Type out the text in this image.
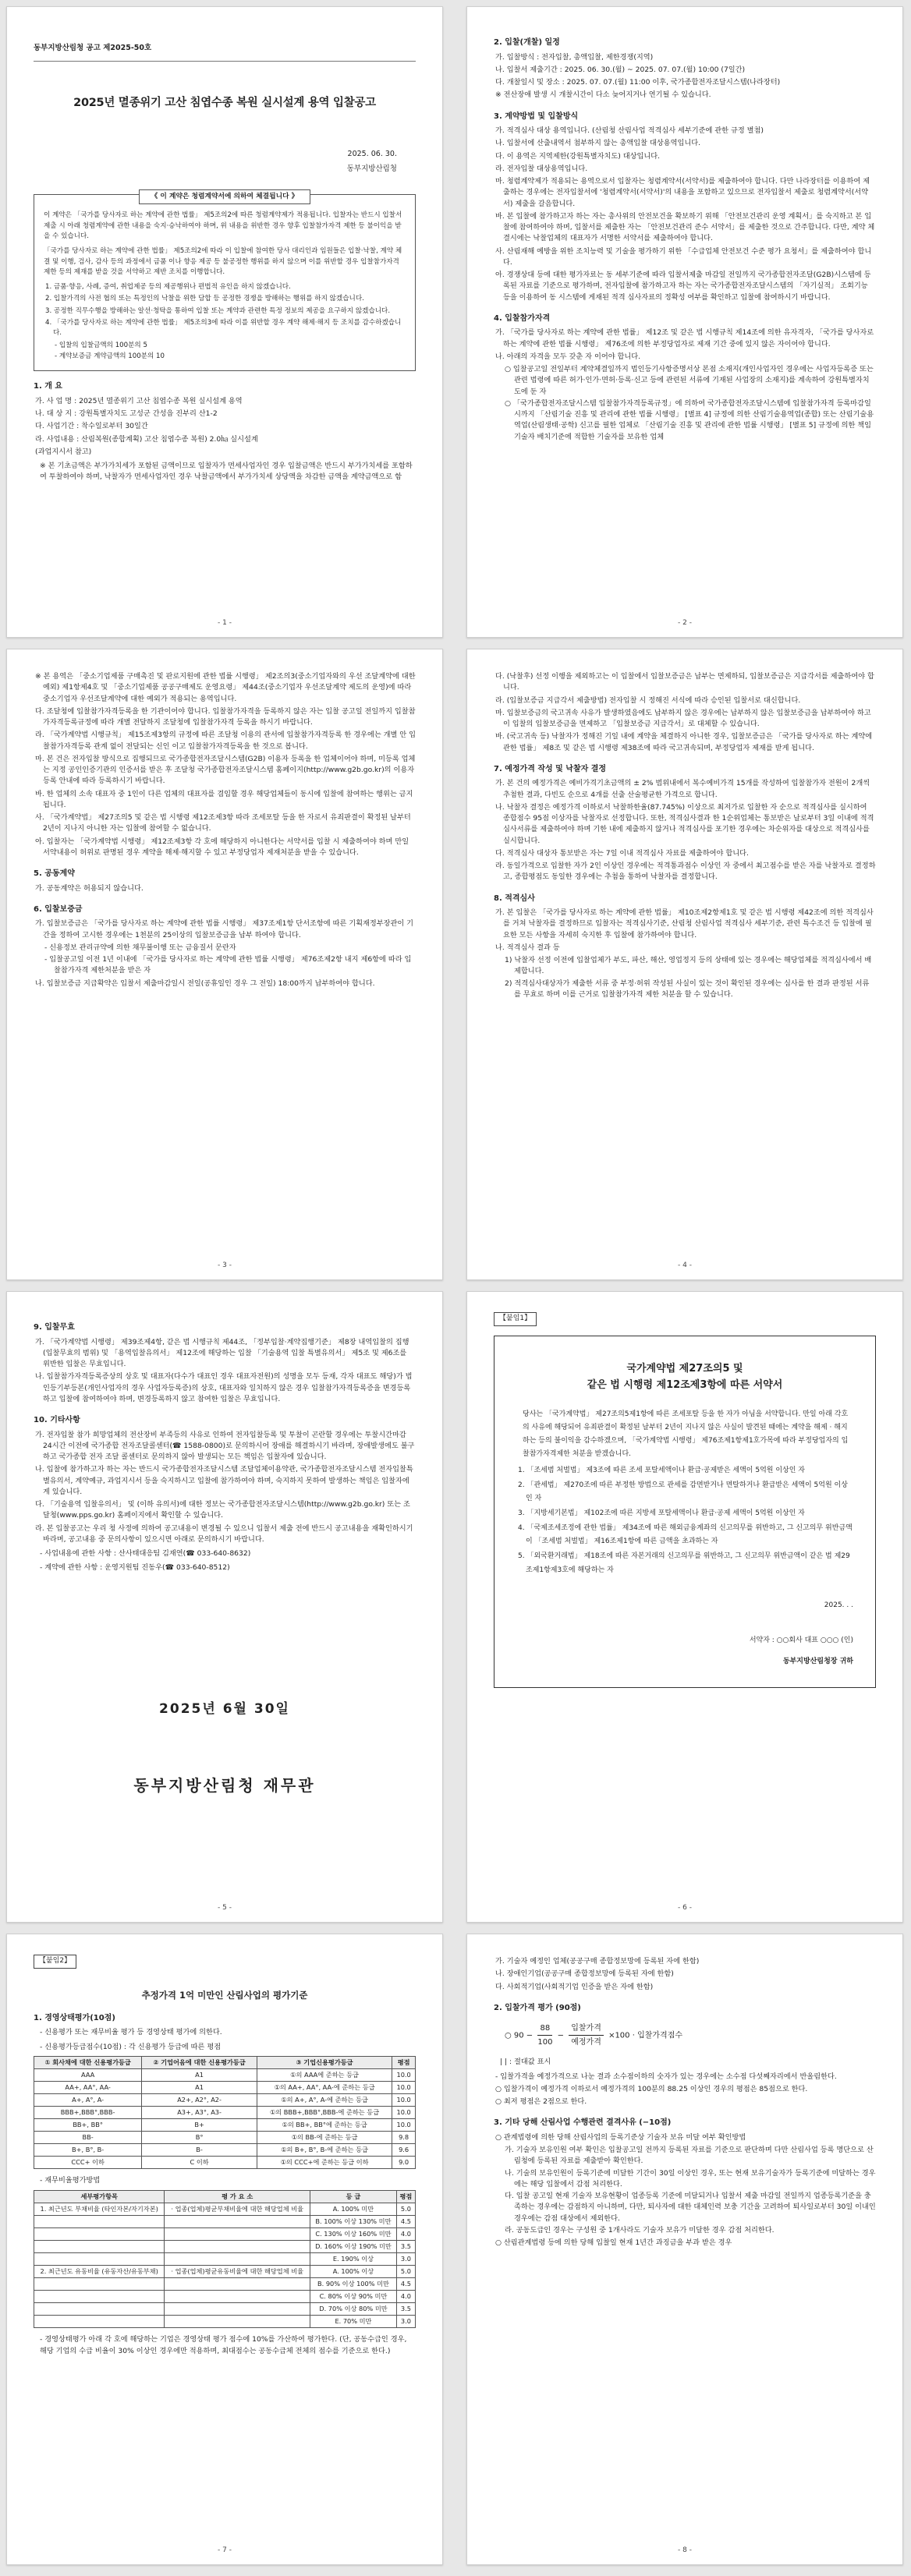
동부지방산림청 공고 제2025-50호
2025년 멸종위기 고산 침엽수종 복원 실시설계 용역 입찰공고
2025. 06. 30.
동부지방산림청
《 이 계약은 청렴계약서에 의하여 체결됩니다 》

이 계약은 「국가를 당사자로 하는 계약에 관한 법률」 제5조의2에 따른 청렴계약제가 적용됩니다. 입찰자는 반드시 입찰서 제출 시 아래 청렴계약에 관한 내용을 숙지·승낙하여야 하며, 위 내용을 위반한 경우 향후 입찰참가자격 제한 등 불이익을 받을 수 있습니다.

「국가를 당사자로 하는 계약에 관한 법률」 제5조의2에 따라 이 입찰에 참여한 당사 대리인과 임원들은 입찰·낙찰, 계약 체결 및 이행, 검사, 감사 등의 과정에서 금품 이나 향응 제공 등 불공정한 행위를 하지 않으며 이를 위반할 경우 입찰참가자격 제한 등의 제재를 받을 것을 서약하고 제반 조치를 이행합니다.

1. 금품·향응, 사례, 증여, 취업제공 등의 제공행위나 편법적 유인을 하지 않겠습니다.
2. 입찰가격의 사전 협의 또는 특정인의 낙찰을 위한 담합 등 공정한 경쟁을 방해하는 행위를 하지 않겠습니다.
3. 공정한 직무수행을 방해하는 알선·청탁을 통하여 입찰 또는 계약과 관련한 특정 정보의 제공을 요구하지 않겠습니다.
4. 「국가를 당사자로 하는 계약에 관한 법률」 제5조의3에 따라 이를 위반할 경우 계약 해제·해지 등 조치를 감수하겠습니다.
- 입찰의 입찰금액의 100분의 5
- 계약보증금 계약금액의 100분의 10
1. 개 요
가. 사 업 명 : 2025년 멸종위기 고산 침엽수종 복원 실시설계 용역
나. 대 상 지 : 강원특별자치도 고성군 간성읍 진부리 산1-2
다. 사업기간 : 착수일로부터 30일간
라. 사업내용 : 산림복원(종합계획) 고산 침엽수종 복원) 2.0㏊ 실시설계
(과업지시서 참고)
※ 본 기초금액은 부가가치세가 포함된 금액이므로 입찰자가 면세사업자인 경우 입찰금액은 반드시 부가가치세를 포함하여 투찰하여야 하며, 낙찰자가 면세사업자인 경우 낙찰금액에서 부가가치세 상당액을 차감한 금액을 계약금액으로 함
- 1 -
2. 입찰(개찰) 일정
가. 입찰방식 : 전자입찰, 총액입찰, 제한경쟁(지역)
나. 입찰서 제출기간 : 2025. 06. 30.(월) ~ 2025. 07. 07.(월) 10:00 (7일간)
다. 개찰일시 및 장소 : 2025. 07. 07.(월) 11:00 이후, 국가종합전자조달시스템(나라장터)
※ 전산장애 발생 시 개찰시간이 다소 늦어지거나 연기될 수 있습니다.
3. 계약방법 및 입찰방식
가. 적격심사 대상 용역입니다. (산림청 산림사업 적격심사 세부기준에 관한 규정 별첨)
나. 입찰서에 산출내역서 첨부하지 않는 총액입찰 대상용역입니다.
다. 이 용역은 지역제한(강원특별자치도) 대상입니다.
라. 전자입찰 대상용역입니다.
마. 청렴계약제가 적용되는 용역으로서 입찰자는 청렴계약서(서약서)를 제출하여야 합니다. 다만 나라장터를 이용하여 제출하는 경우에는 전자입찰서에 '청렴계약서(서약서)'의 내용을 포함하고 있으므로 전자입찰서 제출로 청렴계약서(서약서) 제출을 갈음합니다.
바. 본 입찰에 참가하고자 하는 자는 총사위의 안전보건을 확보하기 위해 「안전보건관리 운영 계획서」를 숙지하고 본 입찰에 참여하여야 하며, 입찰서를 제출한 자는 「안전보건관리 준수 서약서」를 제출한 것으로 간주합니다. 다만, 계약 체결시에는 낙찰업체의 대표자가 서명한 서약서를 제출하여야 합니다.
사. 산림재해 예방을 위한 조치능력 및 기술을 평가하기 위한 「수급업체 안전보건 수준 평가 요청서」를 제출하여야 합니다.
아. 경쟁상대 등에 대한 평가자료는 동 세부기준에 따라 입찰서제출 마감일 전일까지 국가종합전자조달(G2B)시스템에 등록된 자료를 기준으로 평가하며, 전자입찰에 참가하고자 하는 자는 국가종합전자조달시스템의 「자기실적」 조회기능 등을 이용하여 동 시스템에 게재된 적격 심사자료의 정확성 여부를 확인하고 입찰에 참여하시기 바랍니다.
4. 입찰참가자격
가. 「국가를 당사자로 하는 계약에 관한 법률」 제12조 및 같은 법 시행규칙 제14조에 의한 유자격자, 「국가를 당사자로 하는 계약에 관한 법률 시행령」 제76조에 의한 부정당업자로 제재 기간 중에 있지 않은 자이어야 합니다.
나. 아래의 자격을 모두 갖춘 자 이어야 합니다.
○ 입찰공고일 전일부터 계약체결일까지 법인등기사항증명서상 본점 소재지(개인사업자인 경우에는 사업자등록증 또는 관련 법령에 따른 허가·인가·면허·등록·신고 등에 관련된 서류에 기재된 사업장의 소재지)를 계속하여 강원특별자치도에 둔 자
○ 「국가종합전자조달시스템 입찰참가자격등록규정」에 의하여 국가종합전자조달시스템에 입찰참가자격 등록마감일시까지 「산림기술 진흥 및 관리에 관한 법률 시행령」 [별표 4] 규정에 의한 산림기술용역업(종합) 또는 산림기술용역업(산림생태·공학) 신고를 필한 업체로 「산림기술 진흥 및 관리에 관한 법률 시행령」 [별표 5] 규정에 의한 책임기술자 배치기준에 적합한 기술자를 보유한 업체
- 2 -
※ 본 용역은 「중소기업제품 구매촉진 및 판로지원에 관한 법률 시행령」 제2조의3(중소기업자와의 우선 조달계약에 대한 예외) 제1항제4호 및 「중소기업제품 공공구매제도 운영요령」 제44조(중소기업자 우선조달계약 제도의 운영)에 따라 중소기업자 우선조달계약에 대한 예외가 적용되는 용역입니다.
다. 조달청에 입찰참가자격등록을 한 기관이어야 합니다. 입찰참가자격을 등록하지 않은 자는 입찰 공고일 전일까지 입찰참가자격등록규정에 따라 개별 전달하지 조달청에 입찰참가자격 등록을 하시기 바랍니다.
라. 「국가계약법 시행규칙」 제15조제3항의 규정에 따른 조달청 이용의 관서에 입찰참가자격등록 한 경우에는 개별 안 입찰참가자격등록 관계 없이 전달되는 신인 이고 입찰참가자격등록을 한 것으로 봅니다.
마. 본 건은 전자입찰 방식으로 집행되므로 국가종합전자조달시스템(G2B) 이용자 등록을 한 업체이어야 하며, 미등록 업체는 지정 공인인증기관의 인증서를 받은 후 조달청 국가종합전자조달시스템 홈페이지(http://www.g2b.go.kr)의 이용자등록 안내에 따라 등록하시기 바랍니다.
바. 한 업체의 소속 대표자 중 1인이 다른 업체의 대표자를 겸임할 경우 해당업체들이 동시에 입찰에 참여하는 행위는 금지됩니다.
사. 「국가계약법」 제27조의5 및 같은 법 시행령 제12조제3항 따라 조세포탈 등을 한 자로서 유죄판결이 확정된 날부터 2년이 지나지 아니한 자는 입찰에 참여할 수 없습니다.
아. 입찰자는 「국가계약법 시행령」 제12조제3항 각 호에 해당하지 아니한다는 서약서를 입찰 시 제출하여야 하며 만일 서약내용이 허위로 판명된 경우 계약을 해제·해지할 수 있고 부정당업자 제재처분을 받을 수 있습니다.
5. 공동계약
가. 공동계약은 허용되지 않습니다.
6. 입찰보증금
가. 입찰보증금은 「국가를 당사자로 하는 계약에 관한 법률 시행령」 제37조제1항 단서조항에 따른 기획재정부장관이 기간을 정하여 고시한 경우에는 1천분의 25이상의 입찰보증금을 납부 하여야 합니다.
- 신용정보 관리규약에 의한 채무불이행 또는 금융질서 문란자
- 입찰공고일 이전 1년 이내에 「국가를 당사자로 하는 계약에 관한 법률 시행령」 제76조제2항 내지 제6항에 따라 입찰참가자격 제한처분을 받은 자
나. 입찰보증금 지급확약은 입찰서 제출마감일시 전일(공휴일인 경우 그 전일) 18:00까지 납부하여야 합니다.
- 3 -
다. (낙찰후) 선정 이행을 제외하고는 이 입찰에서 입찰보증금은 납부는 면제하되, 입찰보증금은 지급각서를 제출하여야 합니다.
라. (입찰보증금 지급각서 제출방법) 전자입찰 시 정해진 서식에 따라 승인된 입찰서로 대신합니다.
마. 입찰보증금의 국고귀속 사유가 발생하였음에도 납부하지 않은 경우에는 납부하지 않은 입찰보증금을 납부하여야 하고 이 입찰의 입찰보증금을 면제하고 「입찰보증금 지급각서」로 대체할 수 있습니다.
바. (국고귀속 등) 낙찰자가 정해진 기일 내에 계약을 체결하지 아니한 경우, 입찰보증금은 「국가를 당사자로 하는 계약에 관한 법률」 제8조 및 같은 법 시행령 제38조에 따라 국고귀속되며, 부정당업자 제재를 받게 됩니다.
7. 예정가격 작성 및 낙찰자 결정
가. 본 건의 예정가격은 예비가격기초금액의 ± 2% 범위내에서 복수예비가격 15개를 작성하여 입찰참가자 전원이 2개씩 추첨한 결과, 다빈도 순으로 4개를 선출 산술평균한 가격으로 합니다.
나. 낙찰자 결정은 예정가격 이하로서 낙찰하한율(87.745%) 이상으로 최저가로 입찰한 자 순으로 적격심사를 실시하여 종합점수 95점 이상자를 낙찰자로 선정합니다. 또한, 적격심사결과 한 1순위업체는 통보받은 날로부터 3일 이내에 적격심사서류를 제출하여야 하며 기한 내에 제출하지 않거나 적격심사를 포기한 경우에는 차순위자를 대상으로 적격심사를 실시합니다.
다. 적격심사 대상자 통보받은 자는 7일 이내 적격심사 자료를 제출하여야 합니다.
라. 동일가격으로 입찰한 자가 2인 이상인 경우에는 적격통과점수 이상인 자 중에서 최고점수를 받은 자를 낙찰자로 결정하고, 종합평점도 동일한 경우에는 추첨을 통하여 낙찰자를 결정합니다.
8. 적격심사
가. 본 입찰은 「국가를 당사자로 하는 계약에 관한 법률」 제10조제2항제1호 및 같은 법 시행령 제42조에 의한 적격심사를 거쳐 낙찰자를 결정하므로 입찰자는 적격심사기준, 산림청 산림사업 적격심사 세부기준, 관련 특수조건 등 입찰에 필요한 모든 사항을 자세히 숙지한 후 입찰에 참가하여야 합니다.
나. 적격심사 결과 등
1) 낙찰자 선정 이전에 입찰업체가 부도, 파산, 해산, 영업정지 등의 상태에 있는 경우에는 해당업체를 적격심사에서 배제합니다.
2) 적격심사대상자가 제출한 서류 중 부정·허위 작성된 사실이 있는 것이 확인된 경우에는 심사를 한 결과 판정된 서류를 무효로 하며 이를 근거로 입찰참가자격 제한 처분을 할 수 있습니다.
- 4 -
9. 입찰무효
가. 「국가계약법 시행령」 제39조제4항, 같은 법 시행규칙 제44조, 「정부입찰·계약집행기준」 제8장 내역입찰의 집행(입찰무효의 범위) 및 「용역입찰유의서」 제12조에 해당하는 입찰 「기술용역 입찰 특별유의서」 제5조 및 제6조를 위반한 입찰은 무효입니다.
나. 입찰참가자격등록증상의 상호 및 대표자(다수가 대표인 경우 대표자전원)의 성명을 모두 등재, 각자 대표도 해당)가 법인등기부등본(개인사업자의 경우 사업자등록증)의 상호, 대표자와 일치하지 않은 경우 입찰참가자격등록증을 변경등록하고 입찰에 참여하여야 하며, 변경등록하지 않고 참여한 입찰은 무효입니다.
10. 기타사항
가. 전자입찰 참가 희망업체의 전산장비 부족등의 사유로 인하여 전자입찰등록 및 투찰이 곤란할 경우에는 투찰시간마감 24시간 이전에 국가종합 전자조달콜센터(☎ 1588-0800)로 문의하시어 장애를 해결하시기 바라며, 장애발생에도 불구하고 국가종합 전자 조달 콜센터로 문의하지 않아 발생되는 모든 책임은 입찰자에 있습니다.
나. 입찰에 참가하고자 하는 자는 반드시 국가종합전자조달시스템 조달업체이용약관, 국가종합전자조달시스템 전자입찰특별유의서, 계약예규, 과업지시서 등을 숙지하시고 입찰에 참가하여야 하며, 숙지하지 못하여 발생하는 책임은 입찰자에게 있습니다.
다. 「기술용역 입찰유의서」 및 (이하 유의서)에 대한 정보는 국가종합전자조달시스템(http://www.g2b.go.kr) 또는 조달청(www.pps.go.kr) 홈페이지에서 확인할 수 있습니다.
라. 본 입찰공고는 우리 청 사정에 의하여 공고내용이 변경될 수 있으니 입찰서 제출 전에 반드시 공고내용을 재확인하시기 바라며, 공고내용 중 문의사항이 있으시면 아래로 문의하시기 바랍니다.
- 사업내용에 관한 사항 : 산사태대응팀 김재연(☎ 033-640-8632)
- 계약에 관한 사항 : 운영지원팀 진동우(☎ 033-640-8512)
2025년 6월 30일
동부지방산림청 재무관
- 5 -
【붙임1】
국가계약법 제27조의5 및
같은 법 시행령 제12조제3항에 따른 서약서
당사는 「국가계약법」 제27조의5제1항에 따른 조세포탈 등을 한 자가 아님을 서약합니다. 만일 아래 각호의 사유에 해당되어 유죄판결이 확정된 날부터 2년이 지나지 않은 사실이 발견된 때에는 계약을 해제 · 해지하는 등의 불이익을 감수하겠으며, 「국가계약법 시행령」 제76조제1항제1호가목에 따라 부정당업자의 입찰참가자격제한 처분을 받겠습니다.
1. 「조세범 처벌법」 제3조에 따른 조세 포탈세액이나 환급·공제받은 세액이 5억원 이상인 자
2. 「관세법」 제270조에 따른 부정한 방법으로 관세를 감면받거나 면탈하거나 환급받은 세액이 5억원 이상인 자
3. 「지방세기본법」 제102조에 따른 지방세 포탈세액이나 환급·공제 세액이 5억원 이상인 자
4. 「국제조세조정에 관한 법률」 제34조에 따른 해외금융계좌의 신고의무를 위반하고, 그 신고의무 위반금액이 「조세범 처벌법」 제16조제1항에 따른 금액을 초과하는 자
5. 「외국환거래법」 제18조에 따른 자본거래의 신고의무를 위반하고, 그 신고의무 위반금액이 같은 법 제29조제1항제3호에 해당하는 자
2025. . .
서약자 : ○○회사 대표 ○○○ (인)
동부지방산림청장 귀하
- 6 -
【붙임2】
추정가격 1억 미만인 산림사업의 평가기준
1. 경영상태평가(10점)
- 신용평가 또는 재무비율 평가 등 경영상태 평가에 의한다.
- 신용평가등급점수(10점) : 각 신용평가 등급에 따른 평점
① 회사채에 대한 신용평가등급	② 기업어음에 대한 신용평가등급	③ 기업신용평가등급	평점
AAA	A1	①의 AAA에 준하는 등급	10.0
AA+, AA°, AA-	A1	①의 AA+, AA°, AA-에 준하는 등급	10.0
A+, A°, A-	A2+, A2°, A2-	①의 A+, A°, A-에 준하는 등급	10.0
BBB+,BBB°,BBB-	A3+, A3°, A3-	①의 BBB+,BBB°,BBB-에 준하는 등급	10.0
BB+, BB°	B+	①의 BB+, BB°에 준하는 등급	10.0
BB-	B°	①의 BB-에 준하는 등급	9.8
B+, B°, B-	B-	①의 B+, B°, B-에 준하는 등급	9.6
CCC+ 이하	C 이하	①의 CCC+에 준하는 등급 이하	9.0
- 재무비율평가방법
세부평가항목	평 가 요 소	등 급	평점
1. 최근년도 부채비율 (타인자본/자기자본)	· 업종(업체)평균부채비율에 대한 해당업체 비율	A. 100% 미만	5.0
		B. 100% 이상 130% 미만	4.5
		C. 130% 이상 160% 미만	4.0
		D. 160% 이상 190% 미만	3.5
		E. 190% 이상	3.0
2. 최근년도 유동비율 (유동자산/유동부채)	· 업종(업체)평균유동비율에 대한 해당업체 비율	A. 100% 이상	5.0
		B. 90% 이상 100% 미만	4.5
		C. 80% 이상 90% 미만	4.0
		D. 70% 이상 80% 미만	3.5
		E. 70% 미만	3.0
- 경영상태평가 아래 각 호에 해당하는 기업은 경영상태 평가 점수에 10%를 가산하여 평가한다. (단, 공동수급인 경우, 해당 기업의 수급 비율이 30% 이상인 경우에만 적용하며, 최대점수는 공동수급체 전체의 점수를 기준으로 한다.)
- 7 -
가. 기술자 예정인 업체(공공구매 종합정보망에 등록된 자에 한함)
나. 장애인기업(공공구매 종합정보망에 등록된 자에 한함)
다. 사회적기업(사회적기업 인증을 받은 자에 한함)
2. 입찰가격 평가 (90점)
○ $90 - \frac{88}{100} - \frac{\text{입찰가격}}{\text{예정가격}} \times 100$ · 입찰가격점수
| | : 절대값 표시
- 입찰가격을 예정가격으로 나눈 결과 소수점이하의 숫자가 있는 경우에는 소수점 다섯째자리에서 반올림한다.
○ 입찰가격이 예정가격 이하로서 예정가격의 100분의 88.25 이상인 경우의 평점은 85점으로 한다.
○ 최저 평점은 2점으로 한다.
3. 기타 당해 산림사업 수행관련 결격사유 (−10점)
○ 관계법령에 의한 당해 산림사업의 등록기준상 기술자 보유 미달 여부 확인방법
가. 기술자 보유인원 여부 확인은 입찰공고일 전까지 등록된 자료를 기준으로 판단하며 다만 산림사업 등록 명단으로 산림청에 등록된 자료를 제출받아 확인한다.
나. 기술의 보유인원이 등록기준에 미달한 기간이 30일 이상인 경우, 또는 현재 보유기술자가 등록기준에 미달하는 경우에는 해당 입찰에서 감점 처리한다.
다. 입찰 공고일 현재 기술자 보유현황이 업종등록 기준에 미달되거나 입찰서 제출 마감일 전일까지 업종등록기준을 충족하는 경우에는 감점하지 아니하며, 다만, 퇴사자에 대한 대체인력 보충 기간을 고려하여 퇴사일로부터 30일 이내인 경우에는 감점 대상에서 제외한다.
라. 공동도급인 경우는 구성원 중 1개사라도 기술자 보유가 미달한 경우 감점 처리한다.
○ 산림관계법령 등에 의한 당해 입찰일 현재 1년간 과징금을 부과 받은 경우
- 8 -
